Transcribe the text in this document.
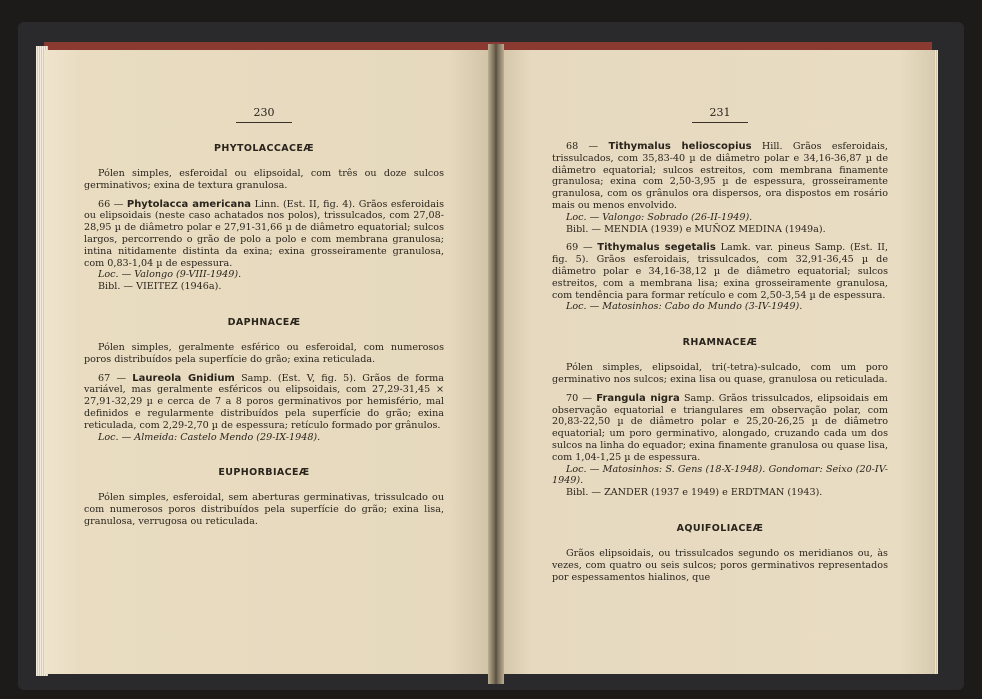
230
PHYTOLACCACEÆ

Pólen simples, esferoidal ou elipsoidal, com três ou doze sulcos germinativos; exina de textura granulosa.

66 — Phytolacca americana Linn. (Est. II, fig. 4). Grãos esferoidais ou elipsoidais (neste caso achatados nos polos), trissulcados, com 27,08-28,95 µ de diâmetro polar e 27,91-31,66 µ de diâmetro equatorial; sulcos largos, percorrendo o grão de polo a polo e com membrana granulosa; intina nitidamente distinta da exina; exina grosseiramente granulosa, com 0,83-1,04 µ de espessura.

Loc. — Valongo (9-VIII-1949).

Bibl. — VIEITEZ (1946a).

DAPHNACEÆ

Pólen simples, geralmente esférico ou esferoidal, com numerosos poros distribuídos pela superfície do grão; exina reticulada.

67 — Laureola Gnidium Samp. (Est. V, fig. 5). Grãos de forma variável, mas geralmente esféricos ou elipsoidais, com 27,29-31,45 × 27,91-32,29 µ e cerca de 7 a 8 poros germinativos por hemisfério, mal definidos e regularmente distribuídos pela superfície do grão; exina reticulada, com 2,29-2,70 µ de espessura; retículo formado por grânulos.

Loc. — Almeida: Castelo Mendo (29-IX-1948).

EUPHORBIACEÆ

Pólen simples, esferoidal, sem aberturas germinativas, trissulcado ou com numerosos poros distribuídos pela superfície do grão; exina lisa, granulosa, verrugosa ou reticulada.

231

68 — Tithymalus helioscopius Hill. Grãos esferoidais, trissulcados, com 35,83-40 µ de diâmetro polar e 34,16-36,87 µ de diâmetro equatorial; sulcos estreitos, com membrana finamente granulosa; exina com 2,50-3,95 µ de espessura, grosseiramente granulosa, com os grânulos ora dispersos, ora dispostos em rosário mais ou menos envolvido.

Loc. — Valongo: Sobrado (26-II-1949).

Bibl. — MENDIA (1939) e MUÑOZ MEDINA (1949a).

69 — Tithymalus segetalis Lamk. var. pineus Samp. (Est. II, fig. 5). Grãos esferoidais, trissulcados, com 32,91-36,45 µ de diâmetro polar e 34,16-38,12 µ de diâmetro equatorial; sulcos estreitos, com a membrana lisa; exina grosseiramente granulosa, com tendência para formar retículo e com 2,50-3,54 µ de espessura.

Loc. — Matosinhos: Cabo do Mundo (3-IV-1949).

RHAMNACEÆ

Pólen simples, elipsoidal, tri(-tetra)-sulcado, com um poro germinativo nos sulcos; exina lisa ou quase, granulosa ou reticulada.

70 — Frangula nigra Samp. Grãos trissulcados, elipsoidais em observação equatorial e triangulares em observação polar, com 20,83-22,50 µ de diâmetro polar e 25,20-26,25 µ de diâmetro equatorial; um poro germinativo, alongado, cruzando cada um dos sulcos na linha do equador; exina finamente granulosa ou quase lisa, com 1,04-1,25 µ de espessura.

Loc. — Matosinhos: S. Gens (18-X-1948). Gondomar: Seixo (20-IV-1949).

Bibl. — ZANDER (1937 e 1949) e ERDTMAN (1943).

AQUIFOLIACEÆ

Grãos elipsoidais, ou trissulcados segundo os meridianos ou, às vezes, com quatro ou seis sulcos; poros germinativos representados por espessamentos hialinos, que
